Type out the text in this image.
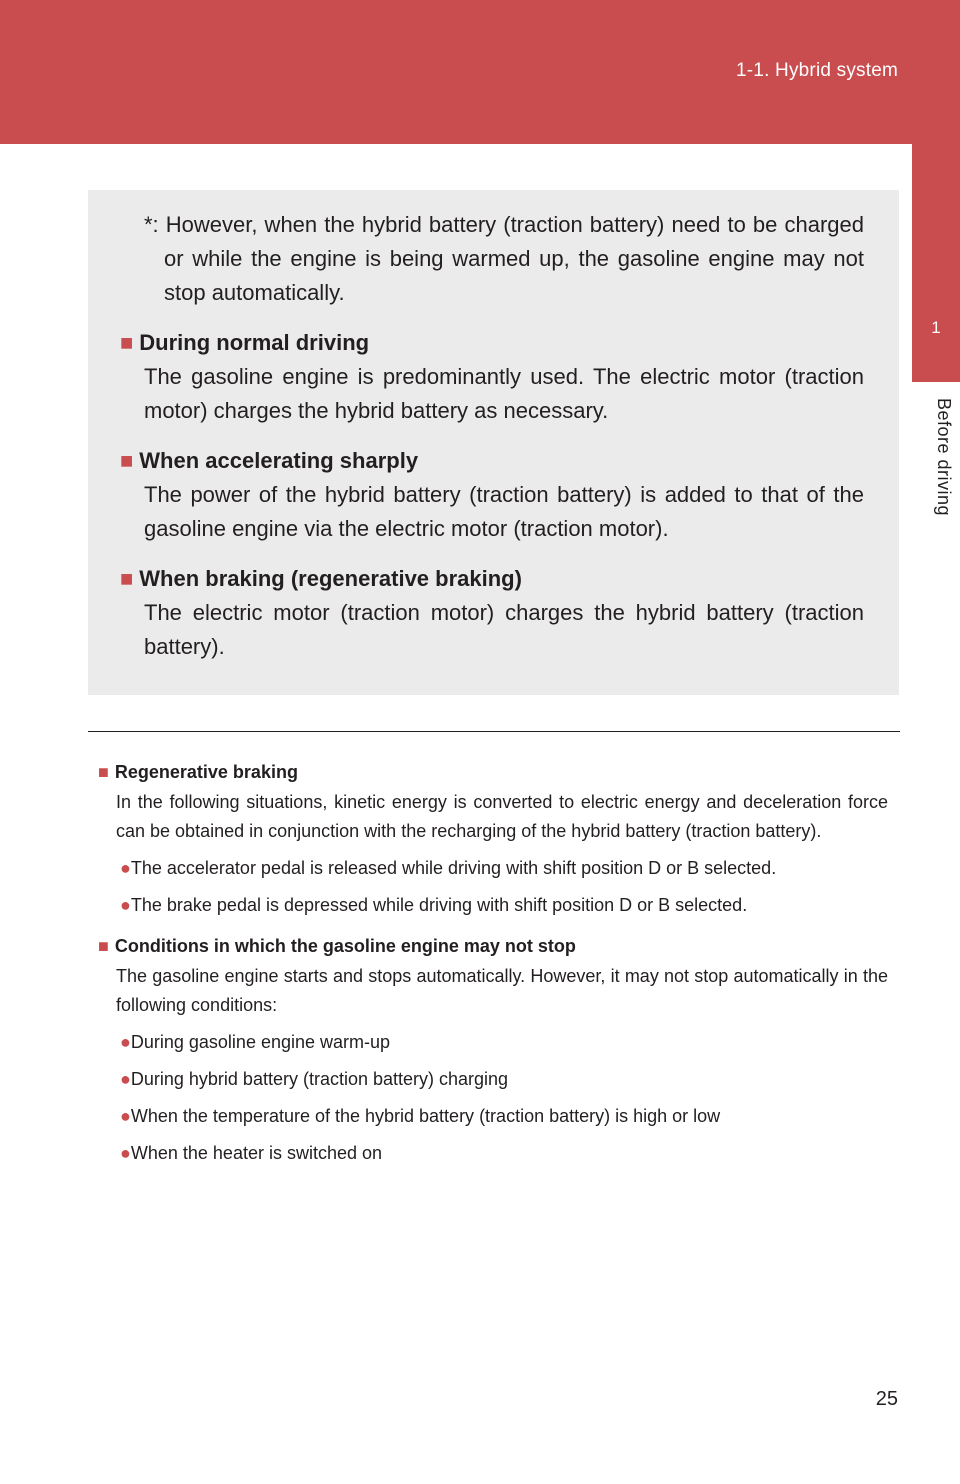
1-1. Hybrid system
1
Before driving

*: However, when the hybrid battery (traction battery) need to be charged or while the engine is being warmed up, the gasoline engine may not stop automatically.

■ During normal driving

The gasoline engine is predominantly used. The electric motor (traction motor) charges the hybrid battery as necessary.

■ When accelerating sharply

The power of the hybrid battery (traction battery) is added to that of the gasoline engine via the electric motor (traction motor).

■ When braking (regenerative braking)

The electric motor (traction motor) charges the hybrid battery (traction battery).

■ Regenerative braking

In the following situations, kinetic energy is converted to electric energy and deceleration force can be obtained in conjunction with the recharging of the hybrid battery (traction battery).

●The accelerator pedal is released while driving with shift position D or B selected.

●The brake pedal is depressed while driving with shift position D or B selected.

■ Conditions in which the gasoline engine may not stop

The gasoline engine starts and stops automatically. However, it may not stop automatically in the following conditions:

●During gasoline engine warm-up

●During hybrid battery (traction battery) charging

●When the temperature of the hybrid battery (traction battery) is high or low

●When the heater is switched on

25
